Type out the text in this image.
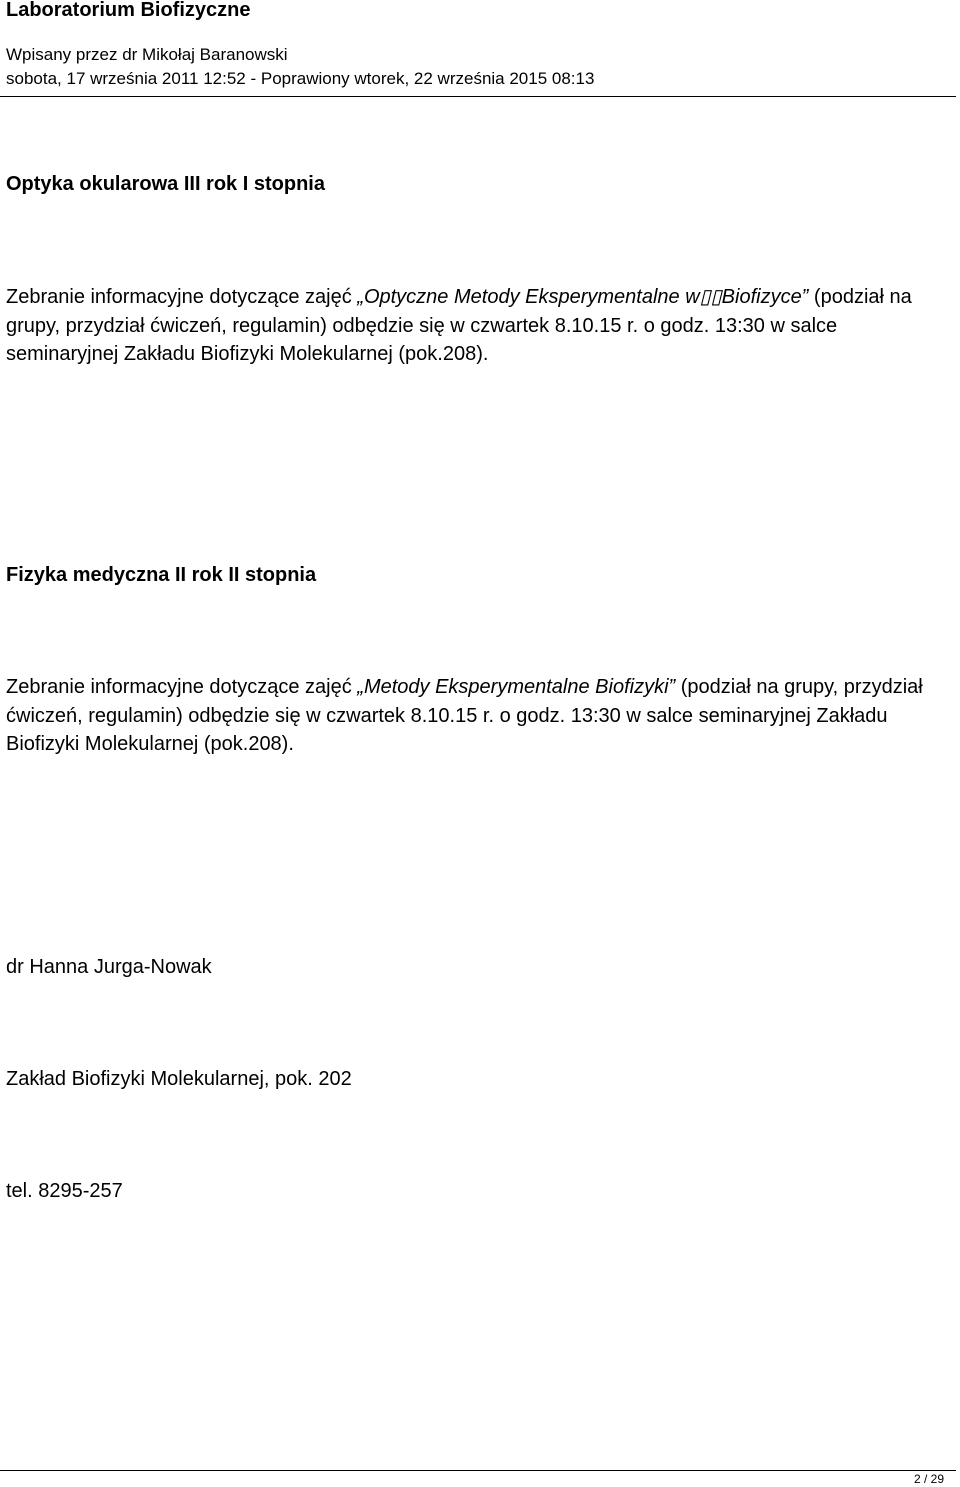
Laboratorium Biofizyczne
Wpisany przez dr Mikołaj Baranowski
sobota, 17 września 2011 12:52 - Poprawiony wtorek, 22 września 2015 08:13
Optyka okularowa III rok I stopnia
Zebranie informacyjne dotyczące zajęć „Optyczne Metody Eksperymentalne w▯▯Biofizyce” (podział na grupy, przydział ćwiczeń, regulamin) odbędzie się w czwartek 8.10.15 r. o godz. 13:30 w salce seminaryjnej Zakładu Biofizyki Molekularnej (pok.208).
Fizyka medyczna II rok II stopnia
Zebranie informacyjne dotyczące zajęć „Metody Eksperymentalne Biofizyki” (podział na grupy, przydział ćwiczeń, regulamin) odbędzie się w czwartek 8.10.15 r. o godz. 13:30 w salce seminaryjnej Zakładu Biofizyki Molekularnej (pok.208).
dr Hanna Jurga-Nowak
Zakład Biofizyki Molekularnej, pok. 202
tel. 8295-257
2 / 29
